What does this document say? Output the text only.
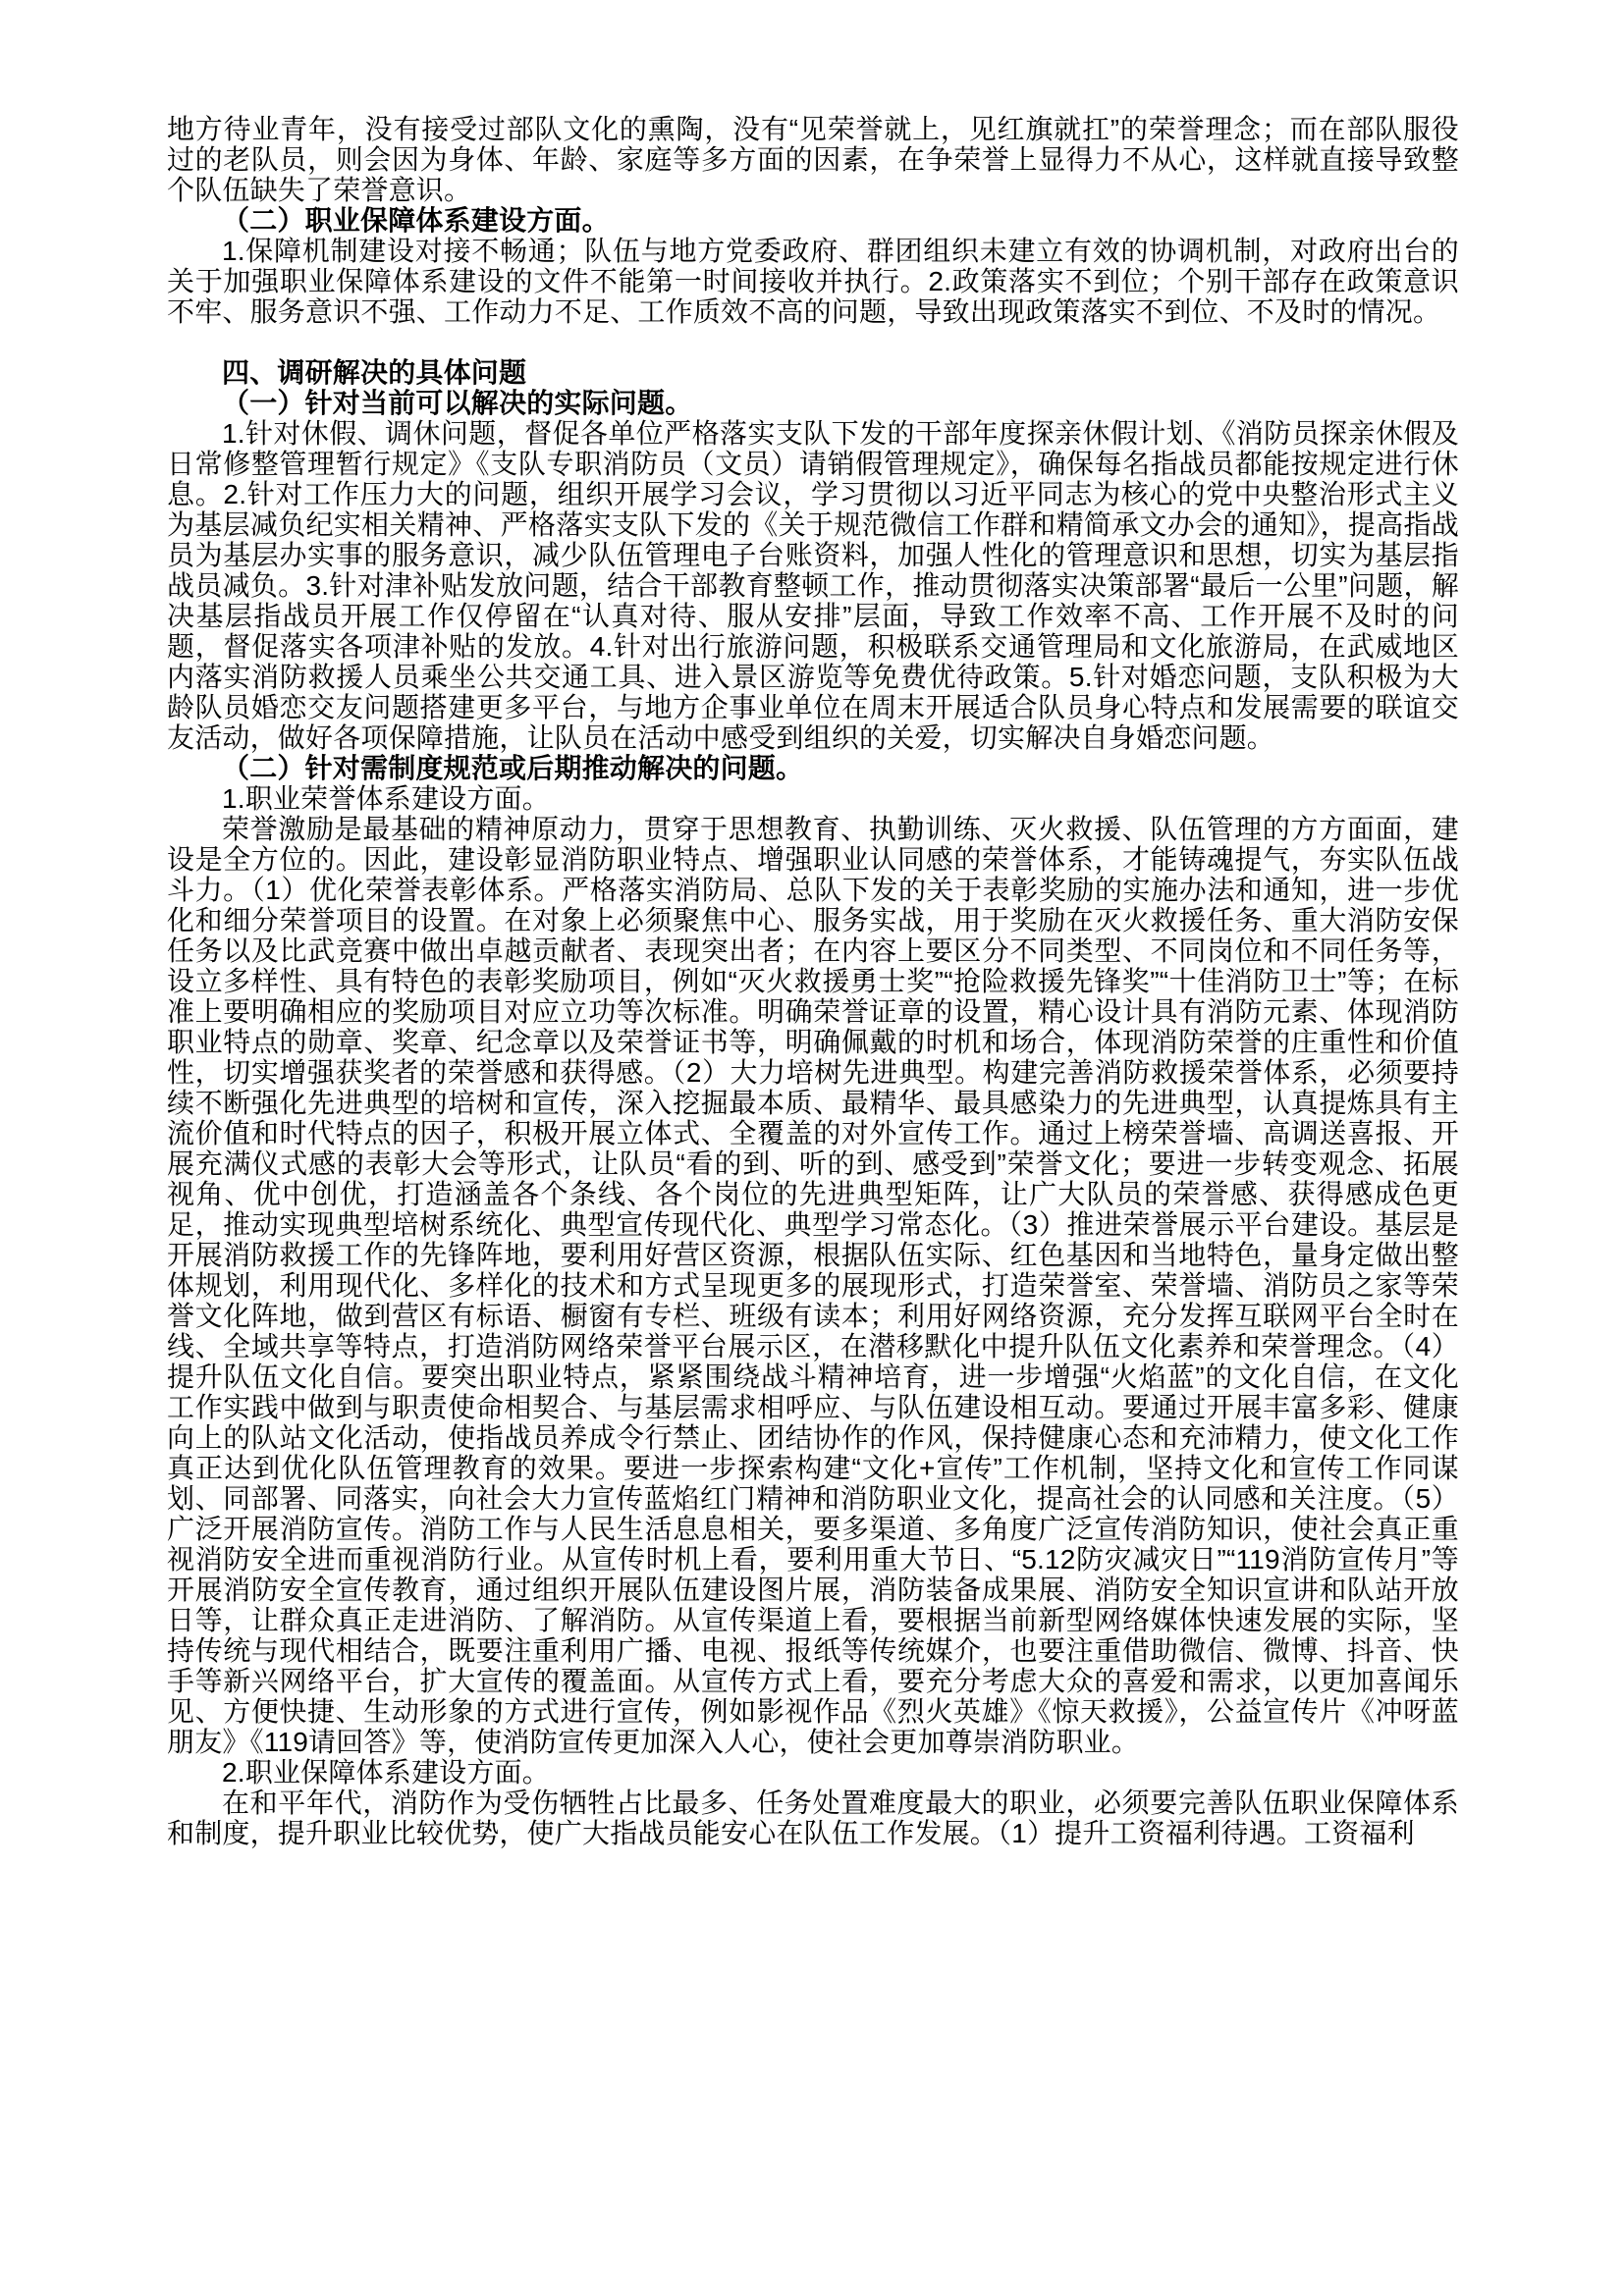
地方待业青年，没有接受过部队文化的熏陶，没有“见荣誉就上，见红旗就扛”的荣誉理念；而在部队服役过的老队员，则会因为身体、年龄、家庭等多方面的因素，在争荣誉上显得力不从心，这样就直接导致整个队伍缺失了荣誉意识。

（二）职业保障体系建设方面。

1.保障机制建设对接不畅通；队伍与地方党委政府、群团组织未建立有效的协调机制，对政府出台的关于加强职业保障体系建设的文件不能第一时间接收并执行。2.政策落实不到位；个别干部存在政策意识不牢、服务意识不强、工作动力不足、工作质效不高的问题，导致出现政策落实不到位、不及时的情况。

四、调研解决的具体问题

（一）针对当前可以解决的实际问题。

1.针对休假、调休问题，督促各单位严格落实支队下发的干部年度探亲休假计划、《消防员探亲休假及日常修整管理暂行规定》《支队专职消防员（文员）请销假管理规定》，确保每名指战员都能按规定进行休息。2.针对工作压力大的问题，组织开展学习会议，学习贯彻以习近平同志为核心的党中央整治形式主义为基层减负纪实相关精神、严格落实支队下发的《关于规范微信工作群和精简承文办会的通知》，提高指战员为基层办实事的服务意识，减少队伍管理电子台账资料，加强人性化的管理意识和思想，切实为基层指战员减负。3.针对津补贴发放问题，结合干部教育整顿工作，推动贯彻落实决策部署“最后一公里”问题，解决基层指战员开展工作仅停留在“认真对待、服从安排”层面，导致工作效率不高、工作开展不及时的问题，督促落实各项津补贴的发放。4.针对出行旅游问题，积极联系交通管理局和文化旅游局，在武威地区内落实消防救援人员乘坐公共交通工具、进入景区游览等免费优待政策。5.针对婚恋问题，支队积极为大龄队员婚恋交友问题搭建更多平台，与地方企事业单位在周末开展适合队员身心特点和发展需要的联谊交友活动，做好各项保障措施，让队员在活动中感受到组织的关爱，切实解决自身婚恋问题。

（二）针对需制度规范或后期推动解决的问题。

1.职业荣誉体系建设方面。

荣誉激励是最基础的精神原动力，贯穿于思想教育、执勤训练、灭火救援、队伍管理的方方面面，建设是全方位的。因此，建设彰显消防职业特点、增强职业认同感的荣誉体系，才能铸魂提气，夯实队伍战斗力。（1）优化荣誉表彰体系。严格落实消防局、总队下发的关于表彰奖励的实施办法和通知，进一步优化和细分荣誉项目的设置。在对象上必须聚焦中心、服务实战，用于奖励在灭火救援任务、重大消防安保任务以及比武竞赛中做出卓越贡献者、表现突出者；在内容上要区分不同类型、不同岗位和不同任务等，设立多样性、具有特色的表彰奖励项目，例如“灭火救援勇士奖”“抢险救援先锋奖”“十佳消防卫士”等；在标准上要明确相应的奖励项目对应立功等次标准。明确荣誉证章的设置，精心设计具有消防元素、体现消防职业特点的勋章、奖章、纪念章以及荣誉证书等，明确佩戴的时机和场合，体现消防荣誉的庄重性和价值性，切实增强获奖者的荣誉感和获得感。（2）大力培树先进典型。构建完善消防救援荣誉体系，必须要持续不断强化先进典型的培树和宣传，深入挖掘最本质、最精华、最具感染力的先进典型，认真提炼具有主流价值和时代特点的因子，积极开展立体式、全覆盖的对外宣传工作。通过上榜荣誉墙、高调送喜报、开展充满仪式感的表彰大会等形式，让队员“看的到、听的到、感受到”荣誉文化；要进一步转变观念、拓展视角、优中创优，打造涵盖各个条线、各个岗位的先进典型矩阵，让广大队员的荣誉感、获得感成色更足，推动实现典型培树系统化、典型宣传现代化、典型学习常态化。（3）推进荣誉展示平台建设。基层是开展消防救援工作的先锋阵地，要利用好营区资源，根据队伍实际、红色基因和当地特色，量身定做出整体规划，利用现代化、多样化的技术和方式呈现更多的展现形式，打造荣誉室、荣誉墙、消防员之家等荣誉文化阵地，做到营区有标语、橱窗有专栏、班级有读本；利用好网络资源，充分发挥互联网平台全时在线、全域共享等特点，打造消防网络荣誉平台展示区，在潜移默化中提升队伍文化素养和荣誉理念。（4）提升队伍文化自信。要突出职业特点，紧紧围绕战斗精神培育，进一步增强“火焰蓝”的文化自信，在文化工作实践中做到与职责使命相契合、与基层需求相呼应、与队伍建设相互动。要通过开展丰富多彩、健康向上的队站文化活动，使指战员养成令行禁止、团结协作的作风，保持健康心态和充沛精力，使文化工作真正达到优化队伍管理教育的效果。要进一步探索构建“文化+宣传”工作机制，坚持文化和宣传工作同谋划、同部署、同落实，向社会大力宣传蓝焰红门精神和消防职业文化，提高社会的认同感和关注度。（5）广泛开展消防宣传。消防工作与人民生活息息相关，要多渠道、多角度广泛宣传消防知识，使社会真正重视消防安全进而重视消防行业。从宣传时机上看，要利用重大节日、“5.12防灾减灾日”“119消防宣传月”等开展消防安全宣传教育，通过组织开展队伍建设图片展，消防装备成果展、消防安全知识宣讲和队站开放日等，让群众真正走进消防、了解消防。从宣传渠道上看，要根据当前新型网络媒体快速发展的实际，坚持传统与现代相结合，既要注重利用广播、电视、报纸等传统媒介，也要注重借助微信、微博、抖音、快手等新兴网络平台，扩大宣传的覆盖面。从宣传方式上看，要充分考虑大众的喜爱和需求，以更加喜闻乐见、方便快捷、生动形象的方式进行宣传，例如影视作品《烈火英雄》《惊天救援》，公益宣传片《冲呀蓝朋友》《119请回答》等，使消防宣传更加深入人心，使社会更加尊崇消防职业。

2.职业保障体系建设方面。

在和平年代，消防作为受伤牺牲占比最多、任务处置难度最大的职业，必须要完善队伍职业保障体系和制度，提升职业比较优势，使广大指战员能安心在队伍工作发展。（1）提升工资福利待遇。工资福利
